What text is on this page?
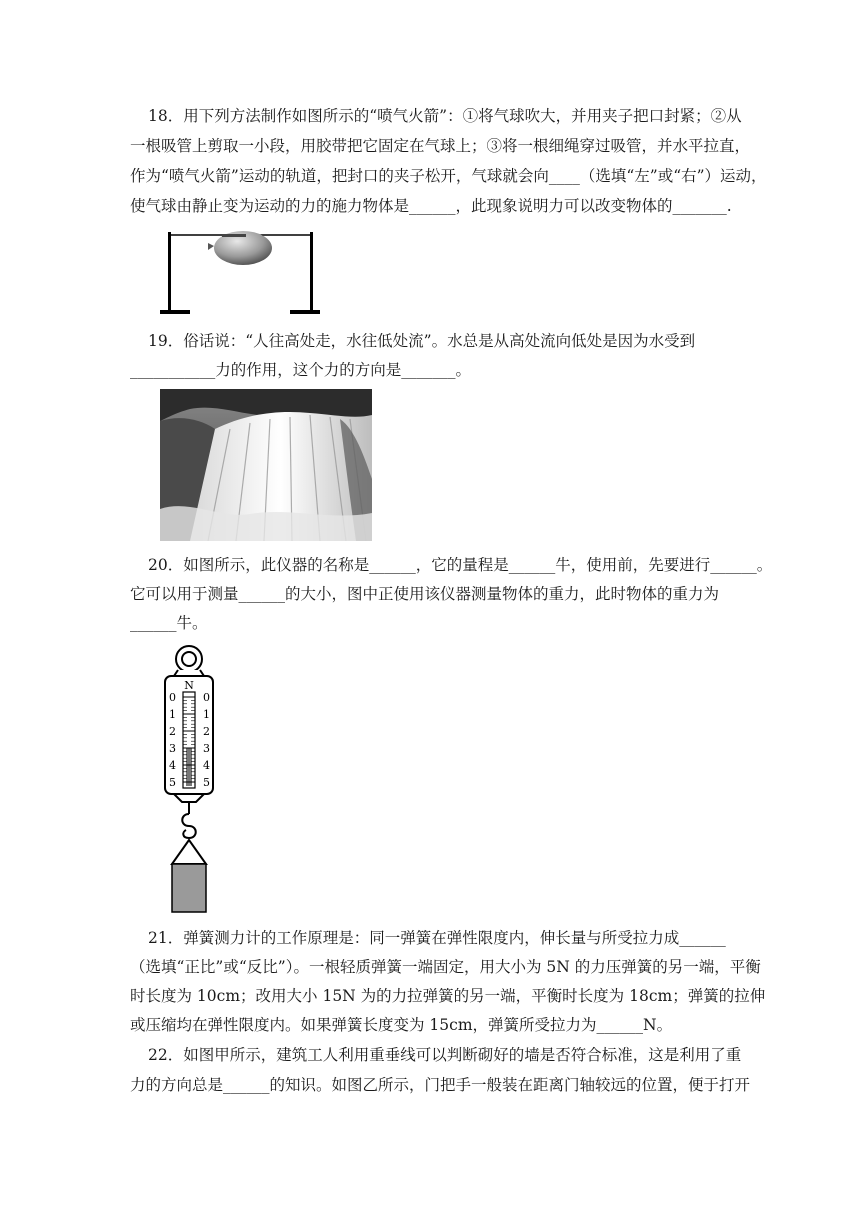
18．用下列方法制作如图所示的“喷气火箭”：①将气球吹大，并用夹子把口封紧；②从
一根吸管上剪取一小段，用胶带把它固定在气球上；③将一根细绳穿过吸管，并水平拉直，
作为“喷气火箭”运动的轨道，把封口的夹子松开，气球就会向____（选填“左”或“右”）运动，
使气球由静止变为运动的力的施力物体是______，此现象说明力可以改变物体的_______.
19．俗话说：“人往高处走，水往低处流”。水总是从高处流向低处是因为水受到
___________力的作用，这个力的方向是_______。
20．如图所示，此仪器的名称是______，它的量程是______牛，使用前，先要进行______。
它可以用于测量______的大小，图中正使用该仪器测量物体的重力，此时物体的重力为
______牛。
N
0 0
1 1
2 2
3 3
4 4
5 5
21．弹簧测力计的工作原理是：同一弹簧在弹性限度内，伸长量与所受拉力成______
（选填“正比”或“反比”）。一根轻质弹簧一端固定，用大小为 5N 的力压弹簧的另一端，平衡
时长度为 10cm；改用大小 15N 为的力拉弹簧的另一端，平衡时长度为 18cm；弹簧的拉伸
或压缩均在弹性限度内。如果弹簧长度变为 15cm，弹簧所受拉力为______N。
22．如图甲所示，建筑工人利用重垂线可以判断砌好的墙是否符合标准，这是利用了重
力的方向总是______的知识。如图乙所示，门把手一般装在距离门轴较远的位置，便于打开
